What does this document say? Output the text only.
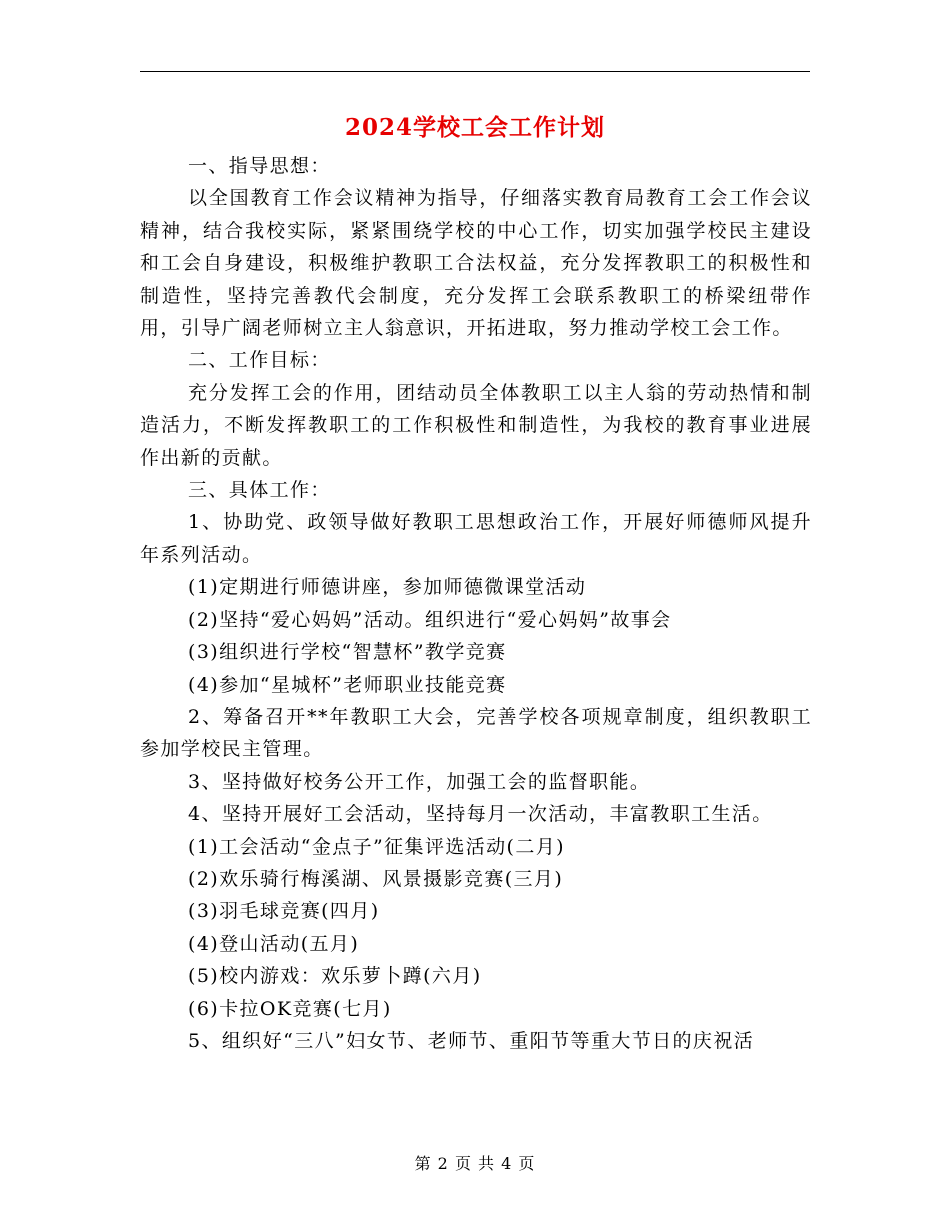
2024学校工会工作计划

一、指导思想：

以全国教育工作会议精神为指导，仔细落实教育局教育工会工作会议精神，结合我校实际，紧紧围绕学校的中心工作，切实加强学校民主建设和工会自身建设，积极维护教职工合法权益，充分发挥教职工的积极性和制造性，坚持完善教代会制度，充分发挥工会联系教职工的桥梁纽带作用，引导广阔老师树立主人翁意识，开拓进取，努力推动学校工会工作。

二、工作目标：

充分发挥工会的作用，团结动员全体教职工以主人翁的劳动热情和制造活力，不断发挥教职工的工作积极性和制造性，为我校的教育事业进展作出新的贡献。

三、具体工作：

1、协助党、政领导做好教职工思想政治工作，开展好师德师风提升年系列活动。

(1)定期进行师德讲座，参加师德微课堂活动

(2)坚持“爱心妈妈”活动。组织进行“爱心妈妈”故事会

(3)组织进行学校“智慧杯”教学竞赛

(4)参加“星城杯”老师职业技能竞赛

2、筹备召开**年教职工大会，完善学校各项规章制度，组织教职工参加学校民主管理。

3、坚持做好校务公开工作，加强工会的监督职能。

4、坚持开展好工会活动，坚持每月一次活动，丰富教职工生活。

(1)工会活动“金点子”征集评选活动(二月)

(2)欢乐骑行梅溪湖、风景摄影竞赛(三月)

(3)羽毛球竞赛(四月)

(4)登山活动(五月)

(5)校内游戏：欢乐萝卜蹲(六月)

(6)卡拉OK竞赛(七月)

5、组织好“三八”妇女节、老师节、重阳节等重大节日的庆祝活

第 2 页 共 4 页
